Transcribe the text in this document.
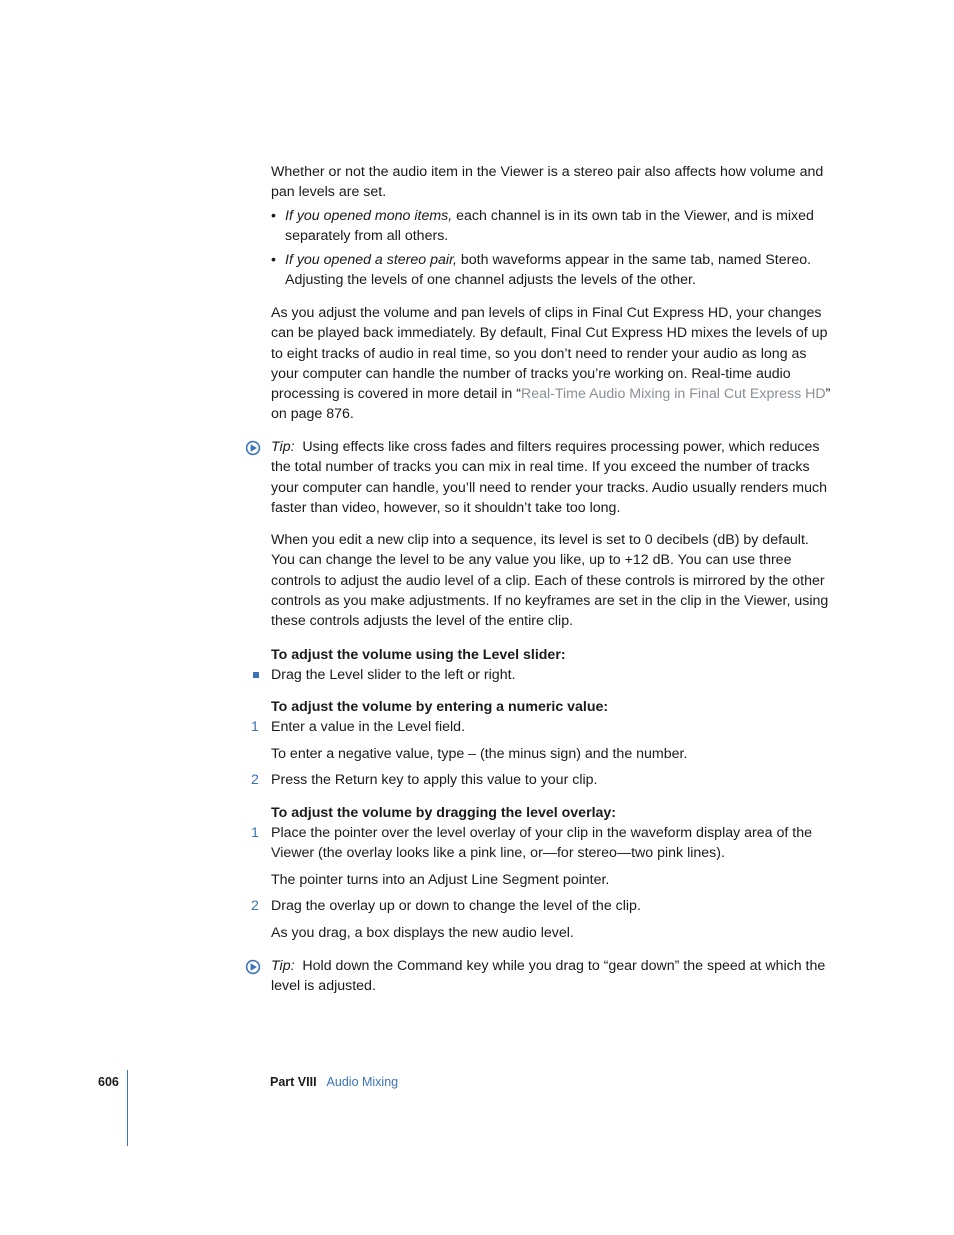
Whether or not the audio item in the Viewer is a stereo pair also affects how volume and pan levels are set.

• If you opened mono items, each channel is in its own tab in the Viewer, and is mixed separately from all others.
• If you opened a stereo pair, both waveforms appear in the same tab, named Stereo. Adjusting the levels of one channel adjusts the levels of the other.

As you adjust the volume and pan levels of clips in Final Cut Express HD, your changes can be played back immediately. By default, Final Cut Express HD mixes the levels of up to eight tracks of audio in real time, so you don’t need to render your audio as long as your computer can handle the number of tracks you’re working on. Real-time audio processing is covered in more detail in “Real-Time Audio Mixing in Final Cut Express HD” on page 876.

Tip:  Using effects like cross fades and filters requires processing power, which reduces the total number of tracks you can mix in real time. If you exceed the number of tracks your computer can handle, you’ll need to render your tracks. Audio usually renders much faster than video, however, so it shouldn’t take too long.

When you edit a new clip into a sequence, its level is set to 0 decibels (dB) by default. You can change the level to be any value you like, up to +12 dB. You can use three controls to adjust the audio level of a clip. Each of these controls is mirrored by the other controls as you make adjustments. If no keyframes are set in the clip in the Viewer, using these controls adjusts the level of the entire clip.

To adjust the volume using the Level slider:

Drag the Level slider to the left or right.

To adjust the volume by entering a numeric value:

1 Enter a value in the Level field.

To enter a negative value, type – (the minus sign) and the number.

2 Press the Return key to apply this value to your clip.

To adjust the volume by dragging the level overlay:

1 Place the pointer over the level overlay of your clip in the waveform display area of the Viewer (the overlay looks like a pink line, or—for stereo—two pink lines).

The pointer turns into an Adjust Line Segment pointer.

2 Drag the overlay up or down to change the level of the clip.

As you drag, a box displays the new audio level.

Tip:  Hold down the Command key while you drag to “gear down” the speed at which the level is adjusted.

606	Part VIII Audio Mixing
